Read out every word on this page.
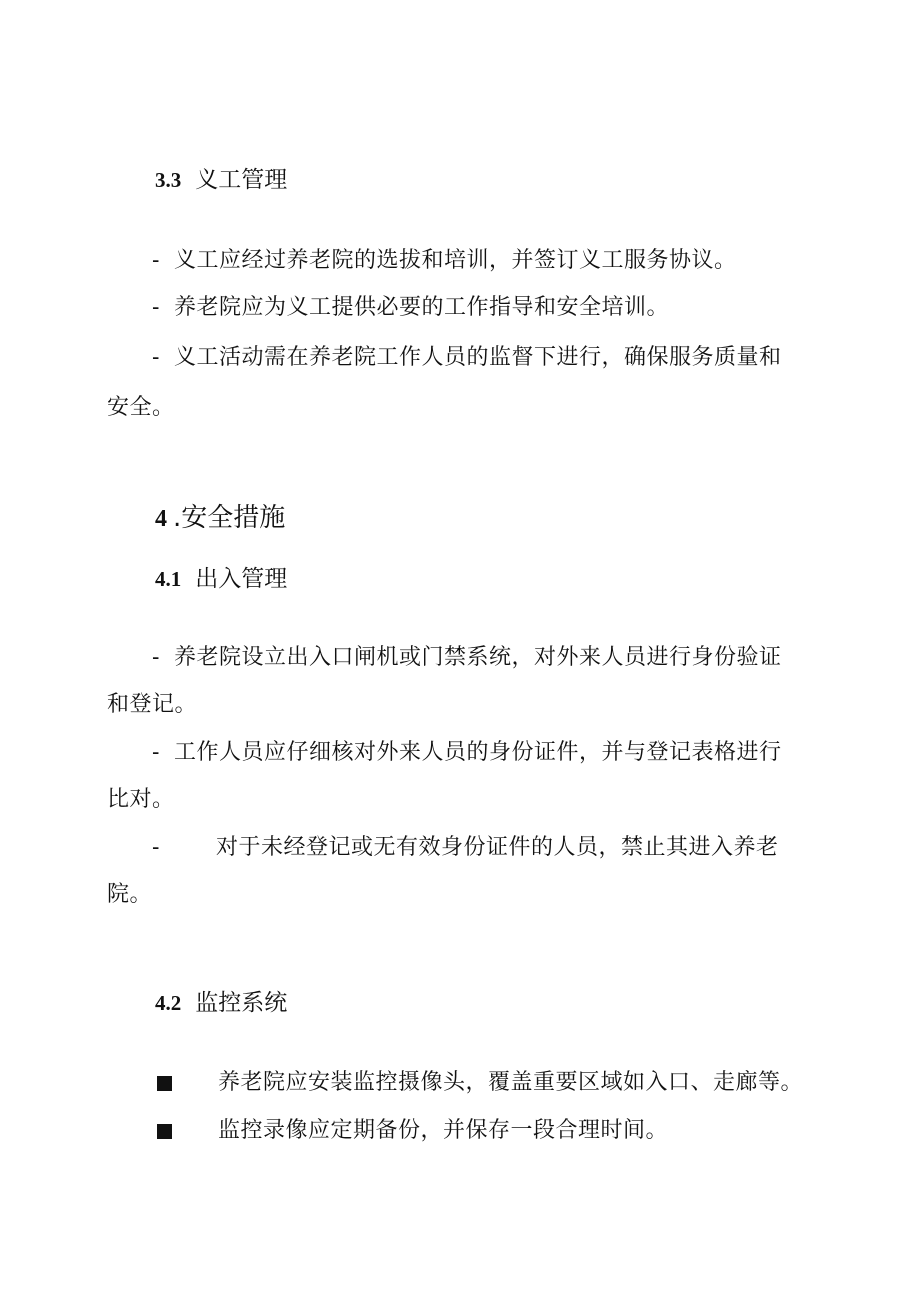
3.3 义工管理
- 义工应经过养老院的选拔和培训，并签订义工服务协议。
- 养老院应为义工提供必要的工作指导和安全培训。
- 义工活动需在养老院工作人员的监督下进行，确保服务质量和
安全。
4 .安全措施
4.1 出入管理
- 养老院设立出入口闸机或门禁系统，对外来人员进行身份验证
和登记。
- 工作人员应仔细核对外来人员的身份证件，并与登记表格进行
比对。
-	对于未经登记或无有效身份证件的人员，禁止其进入养老
院。
4.2 监控系统
养老院应安装监控摄像头，覆盖重要区域如入口、走廊等。
监控录像应定期备份，并保存一段合理时间。
